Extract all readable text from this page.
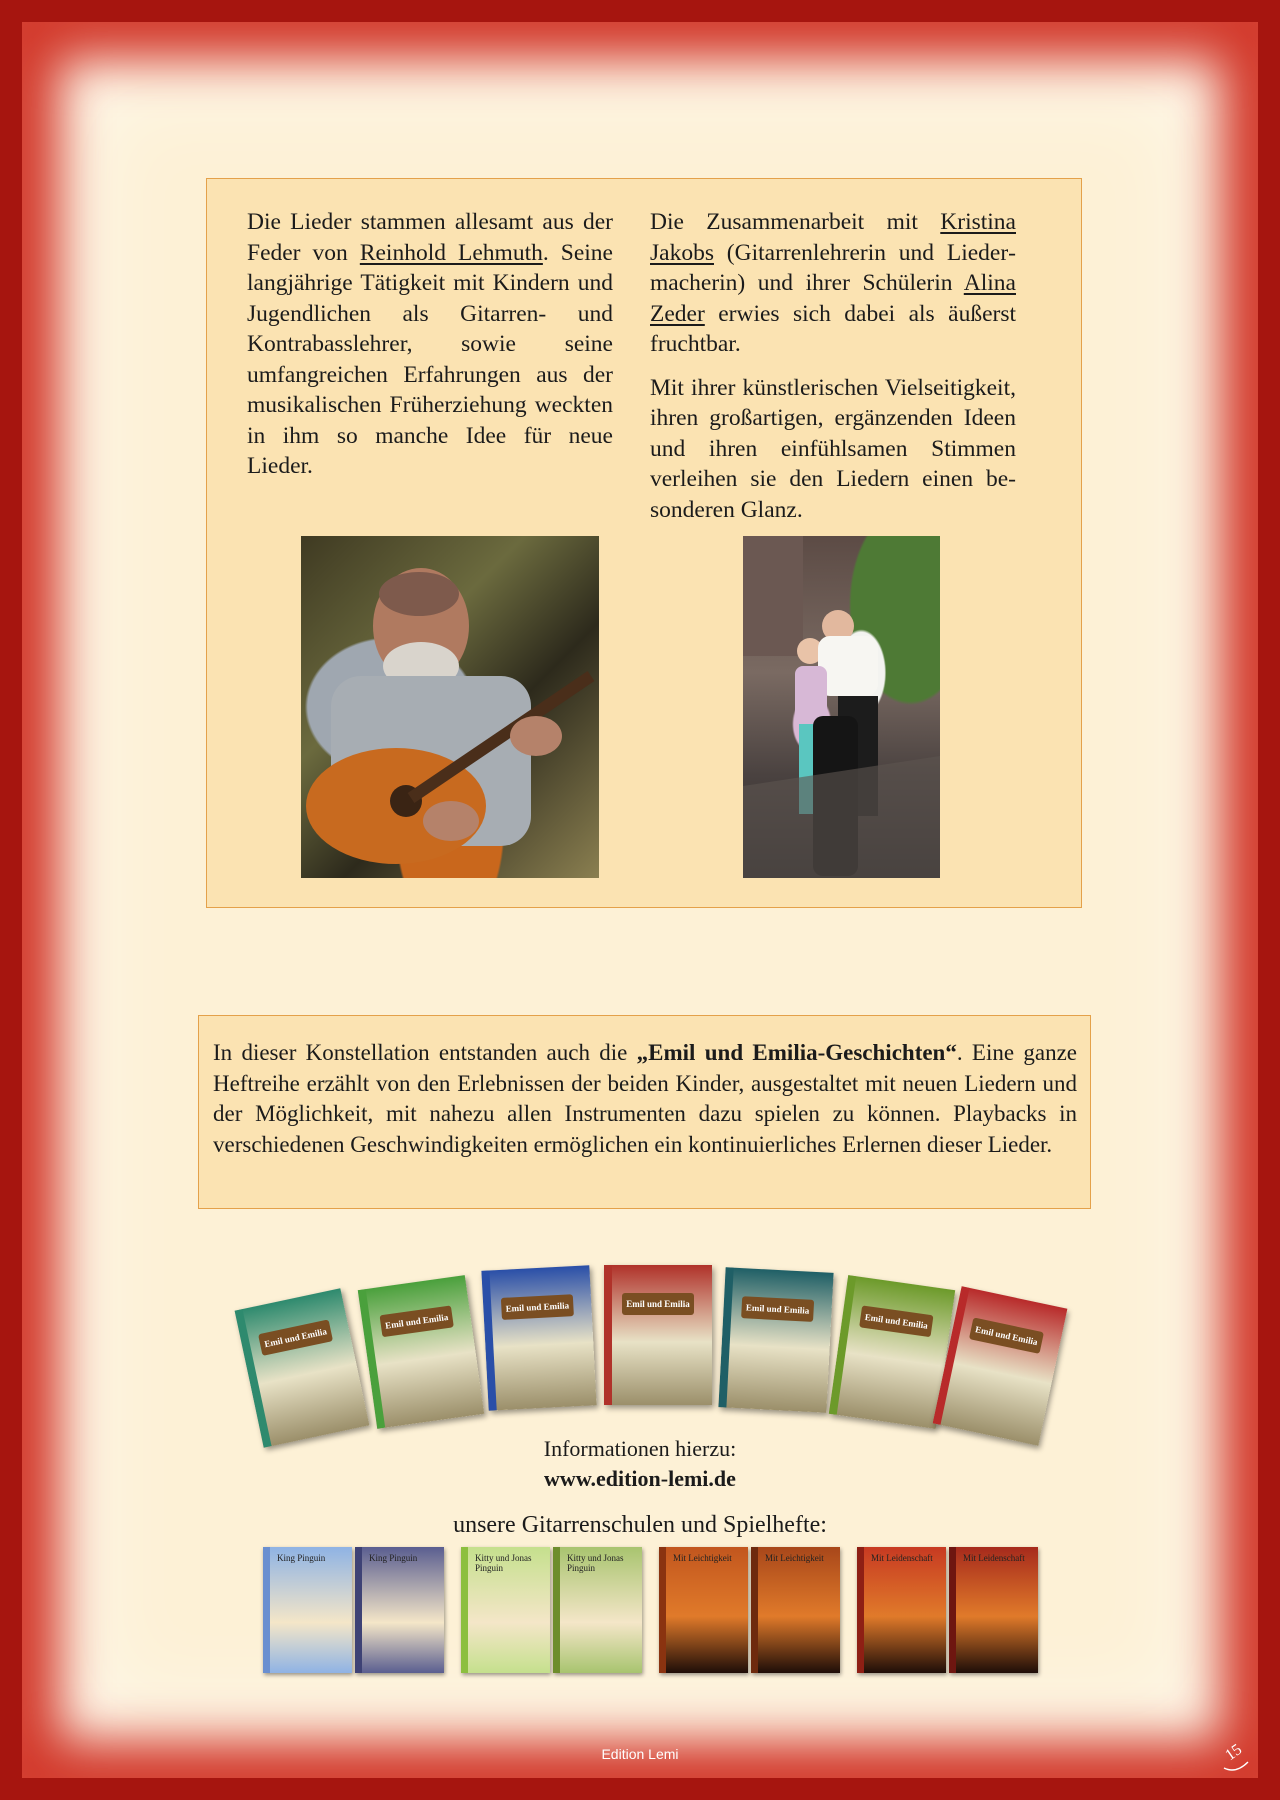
Die Lieder stammen allesamt aus der Feder von Reinhold Lehmuth. Seine langjährige Tätigkeit mit Kindern und Jugendlichen als Gitarren- und Kontrabasslehrer, sowie seine umfangreichen Erfahrungen aus der musikalischen Früherziehung weckten in ihm so manche Idee für neue Lieder.

Die Zusammenarbeit mit Kristina Jakobs (Gitarrenlehrerin und Liedermacherin) und ihrer Schülerin Alina Zeder erwies sich dabei als äußerst fruchtbar.

Mit ihrer künstlerischen Vielseitigkeit, ihren großartigen, ergänzenden Ideen und ihren einfühlsamen Stimmen verleihen sie den Liedern einen besonderen Glanz.

In dieser Konstellation entstanden auch die „Emil und Emilia-Geschichten“. Eine ganze Heftreihe erzählt von den Erlebnissen der beiden Kinder, ausgestaltet mit neuen Liedern und der Möglichkeit, mit nahezu allen Instrumenten dazu spielen zu können. Playbacks in verschiedenen Geschwindigkeiten ermöglichen ein kontinuierliches Erlernen dieser Lieder.
Emil und Emilia
Emil und Emilia
Emil und Emilia	Emil und Emilia	Emil und Emilia
Emil und Emilia
Emil und Emilia
Informationen hierzu:
www.edition-lemi.de
unsere Gitarrenschulen und Spielhefte:
King Pinguin	King Pinguin	Kitty und Jonas Pinguin
Kitty und Jonas Pinguin
Mit Leichtigkeit	Mit Leichtigkeit	Mit Leidenschaft	Mit Leidenschaft
Edition Lemi	15
